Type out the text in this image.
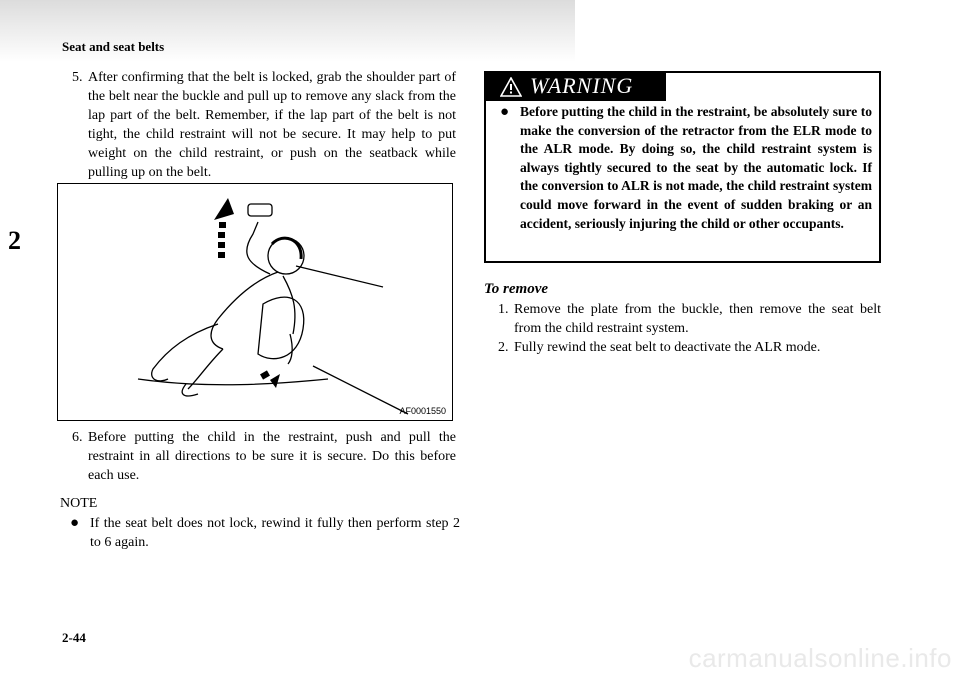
Seat and seat belts
2
5. After confirming that the belt is locked, grab the shoulder part of the belt near the buckle and pull up to remove any slack from the lap part of the belt. Remember, if the lap part of the belt is not tight, the child restraint will not be secure. It may help to put weight on the child restraint, or push on the seatback while pulling up on the belt.
AF0001550
6. Before putting the child in the restraint, push and pull the restraint in all directions to be sure it is secure. Do this before each use.
NOTE
● If the seat belt does not lock, rewind it fully then perform step 2 to 6 again.
WARNING
● Before putting the child in the restraint, be absolutely sure to make the conversion of the retractor from the ELR mode to the ALR mode. By doing so, the child restraint system is always tightly secured to the seat by the automatic lock. If the conversion to ALR is not made, the child restraint system could move forward in the event of sudden braking or an accident, seriously injuring the child or other occupants.
To remove
1. Remove the plate from the buckle, then remove the seat belt from the child restraint system.
2. Fully rewind the seat belt to deactivate the ALR mode.
2-44
carmanualsonline.info
